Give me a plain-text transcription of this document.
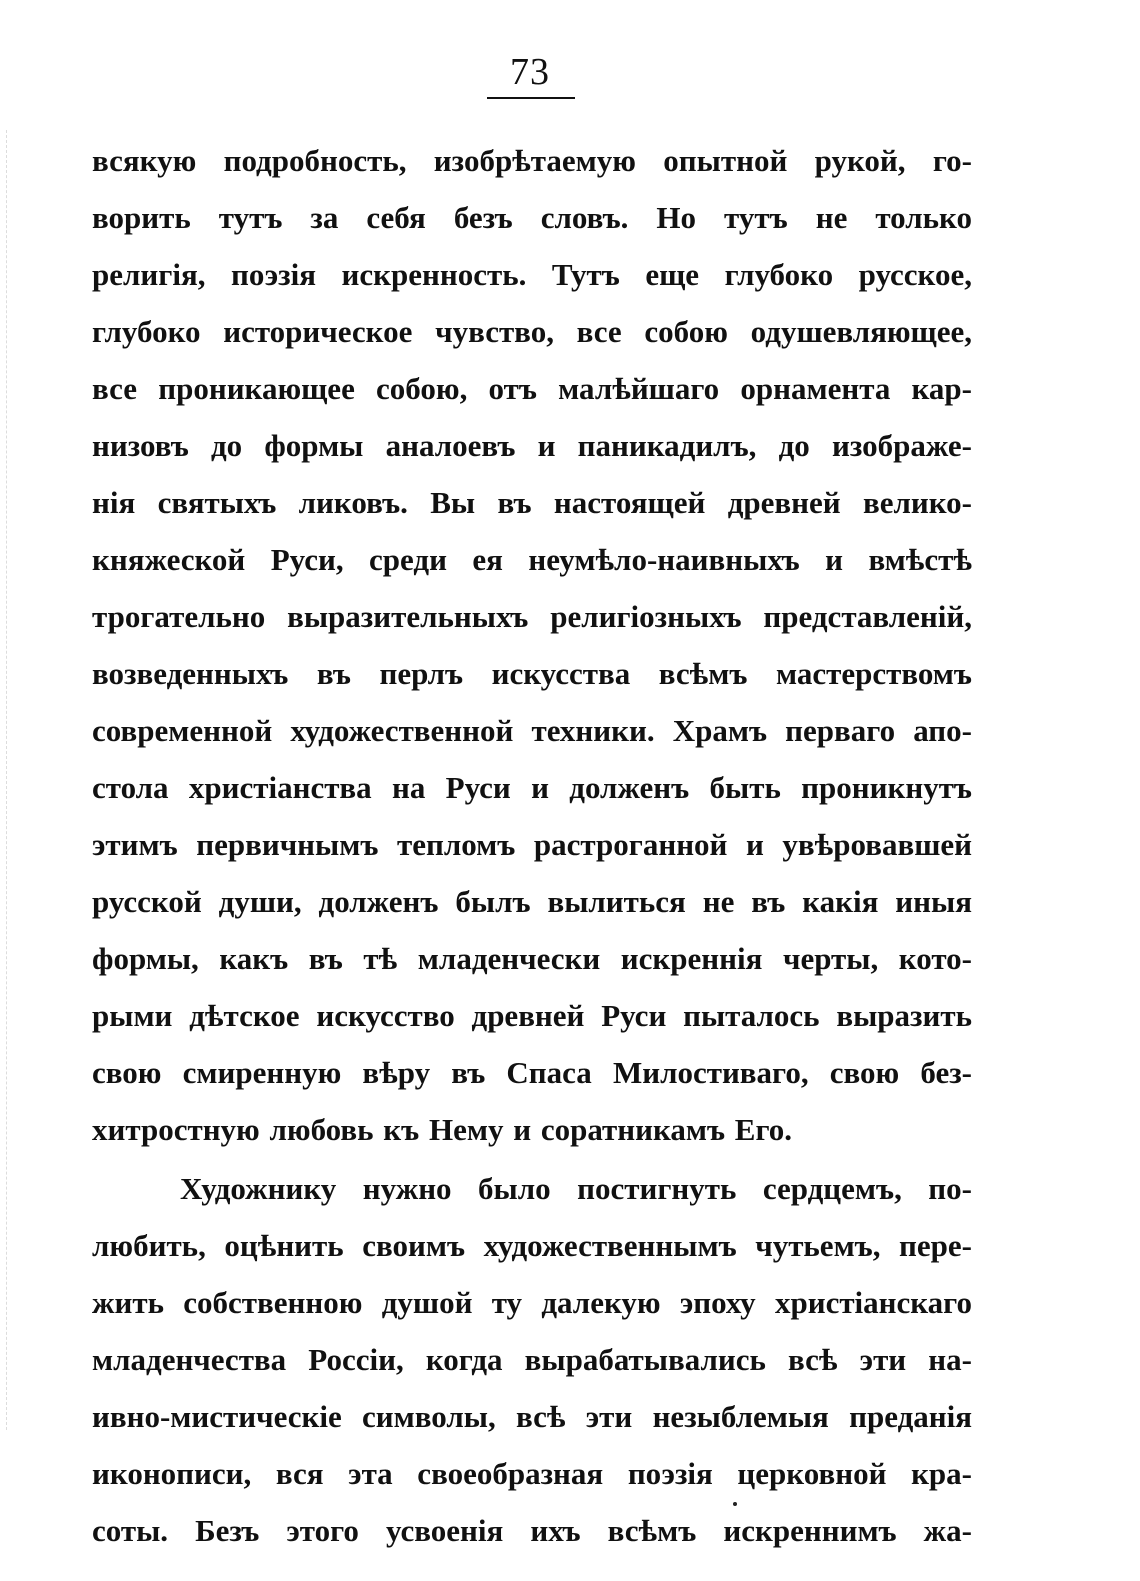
73
всякую подробность, изобрѣтаемую опытной рукой, го-
ворить тутъ за себя безъ словъ. Но тутъ не только
религія, поэзія искренность. Тутъ еще глубоко русское,
глубоко историческое чувство, все собою одушевляющее,
все проникающее собою, отъ малѣйшаго орнамента кар-
низовъ до формы аналоевъ и паникадилъ, до изображе-
нія святыхъ ликовъ. Вы въ настоящей древней велико-
княжеской Руси, среди ея неумѣло-наивныхъ и вмѣстѣ
трогательно выразительныхъ религіозныхъ представленій,
возведенныхъ въ перлъ искусства всѣмъ мастерствомъ
современной художественной техники. Храмъ перваго апо-
стола христіанства на Руси и долженъ быть проникнутъ
этимъ первичнымъ тепломъ растроганной и увѣровавшей
русской души, долженъ былъ вылиться не въ какія иныя
формы, какъ въ тѣ младенчески искреннія черты, кото-
рыми дѣтское искусство древней Руси пыталось выразить
свою смиренную вѣру въ Спаса Милостиваго, свою без-
хитростную любовь къ Нему и соратникамъ Его.
Художнику нужно было постигнуть сердцемъ, по-
любить, оцѣнить своимъ художественнымъ чутьемъ, пере-
жить собственною душой ту далекую эпоху христіанскаго
младенчества Россіи, когда вырабатывались всѣ эти на-
ивно-мистическіе символы, всѣ эти незыблемыя преданія
иконописи, вся эта своеобразная поэзія церковной кра-
соты. Безъ этого усвоенія ихъ всѣмъ искреннимъ жа-
